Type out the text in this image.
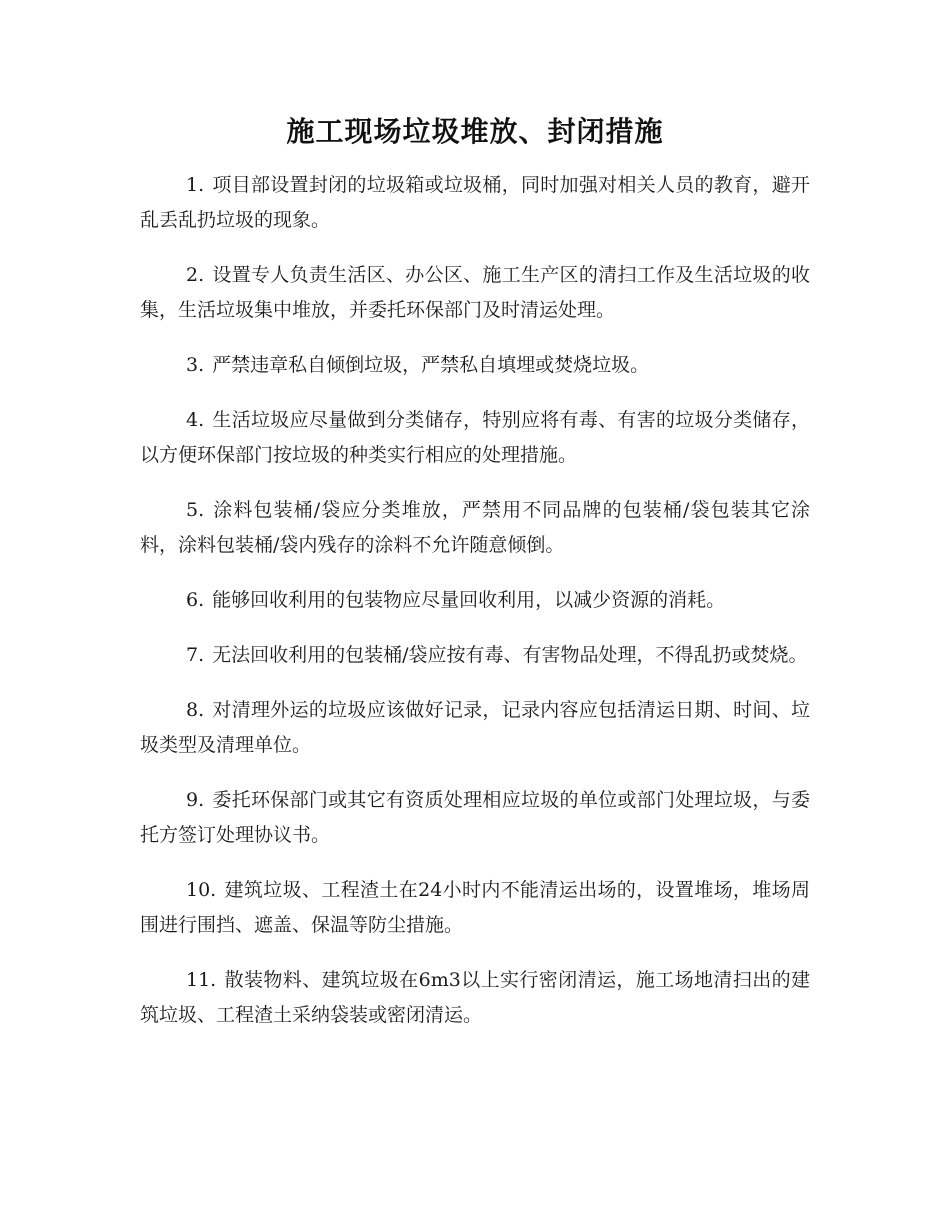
施工现场垃圾堆放、封闭措施

1. 项目部设置封闭的垃圾箱或垃圾桶，同时加强对相关人员的教育，避开乱丢乱扔垃圾的现象。

2. 设置专人负责生活区、办公区、施工生产区的清扫工作及生活垃圾的收集，生活垃圾集中堆放，并委托环保部门及时清运处理。

3. 严禁违章私自倾倒垃圾，严禁私自填埋或焚烧垃圾。

4. 生活垃圾应尽量做到分类储存，特别应将有毒、有害的垃圾分类储存，以方便环保部门按垃圾的种类实行相应的处理措施。

5. 涂料包装桶/袋应分类堆放，严禁用不同品牌的包装桶/袋包装其它涂料，涂料包装桶/袋内残存的涂料不允许随意倾倒。

6. 能够回收利用的包装物应尽量回收利用，以减少资源的消耗。

7. 无法回收利用的包装桶/袋应按有毒、有害物品处理，不得乱扔或焚烧。

8. 对清理外运的垃圾应该做好记录，记录内容应包括清运日期、时间、垃圾类型及清理单位。

9. 委托环保部门或其它有资质处理相应垃圾的单位或部门处理垃圾，与委托方签订处理协议书。

10. 建筑垃圾、工程渣土在24小时内不能清运出场的，设置堆场，堆场周围进行围挡、遮盖、保温等防尘措施。

11. 散装物料、建筑垃圾在6m3以上实行密闭清运，施工场地清扫出的建筑垃圾、工程渣土采纳袋装或密闭清运。
